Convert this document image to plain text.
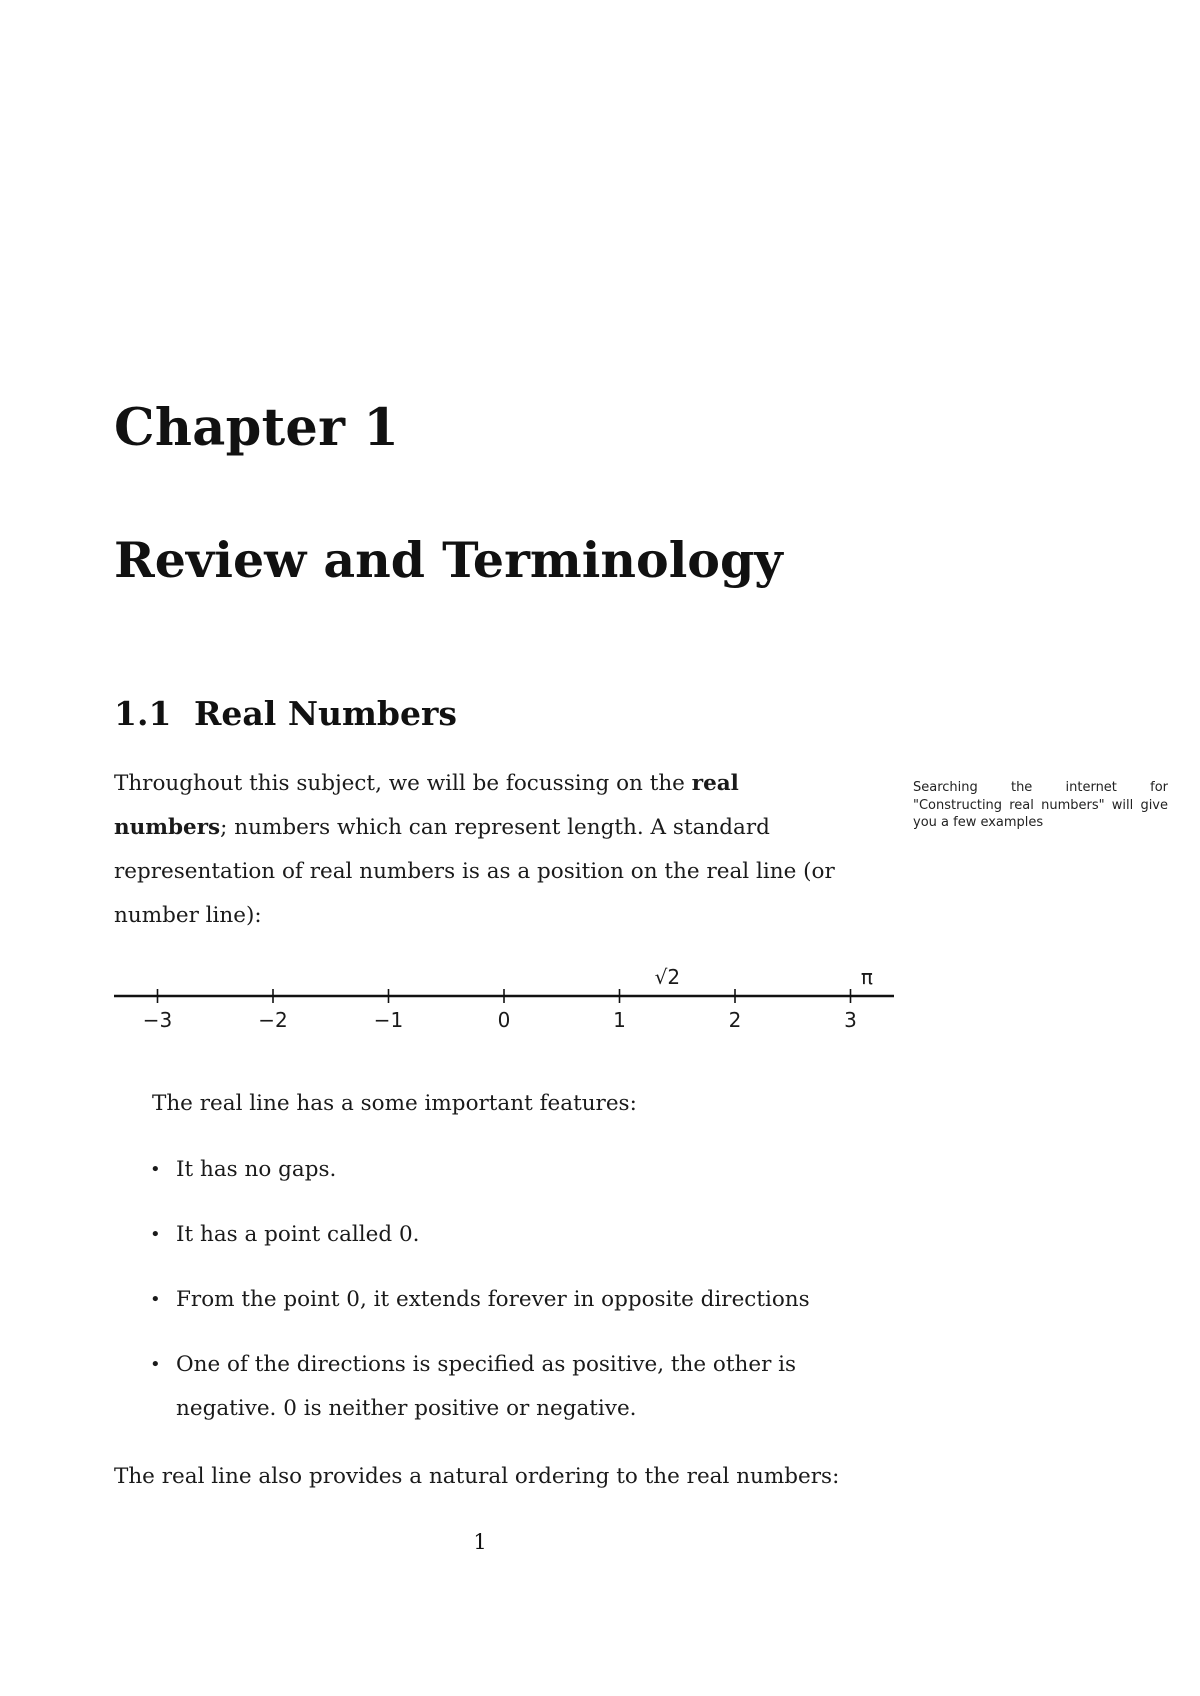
Chapter 1
Review and Terminology
1.1 Real Numbers
Throughout this subject, we will be focussing on the real numbers; numbers which can represent length. A standard representation of real numbers is as a position on the real line (or number line):
Searching the internet for "Constructing real numbers" will give you a few examples
−3	−2	−1	0	1	2	3
√2	π
The real line has a some important features:
• It has no gaps.
• It has a point called 0.
• From the point 0, it extends forever in opposite directions
• One of the directions is specified as positive, the other is negative. 0 is neither positive or negative.
The real line also provides a natural ordering to the real numbers:
1
